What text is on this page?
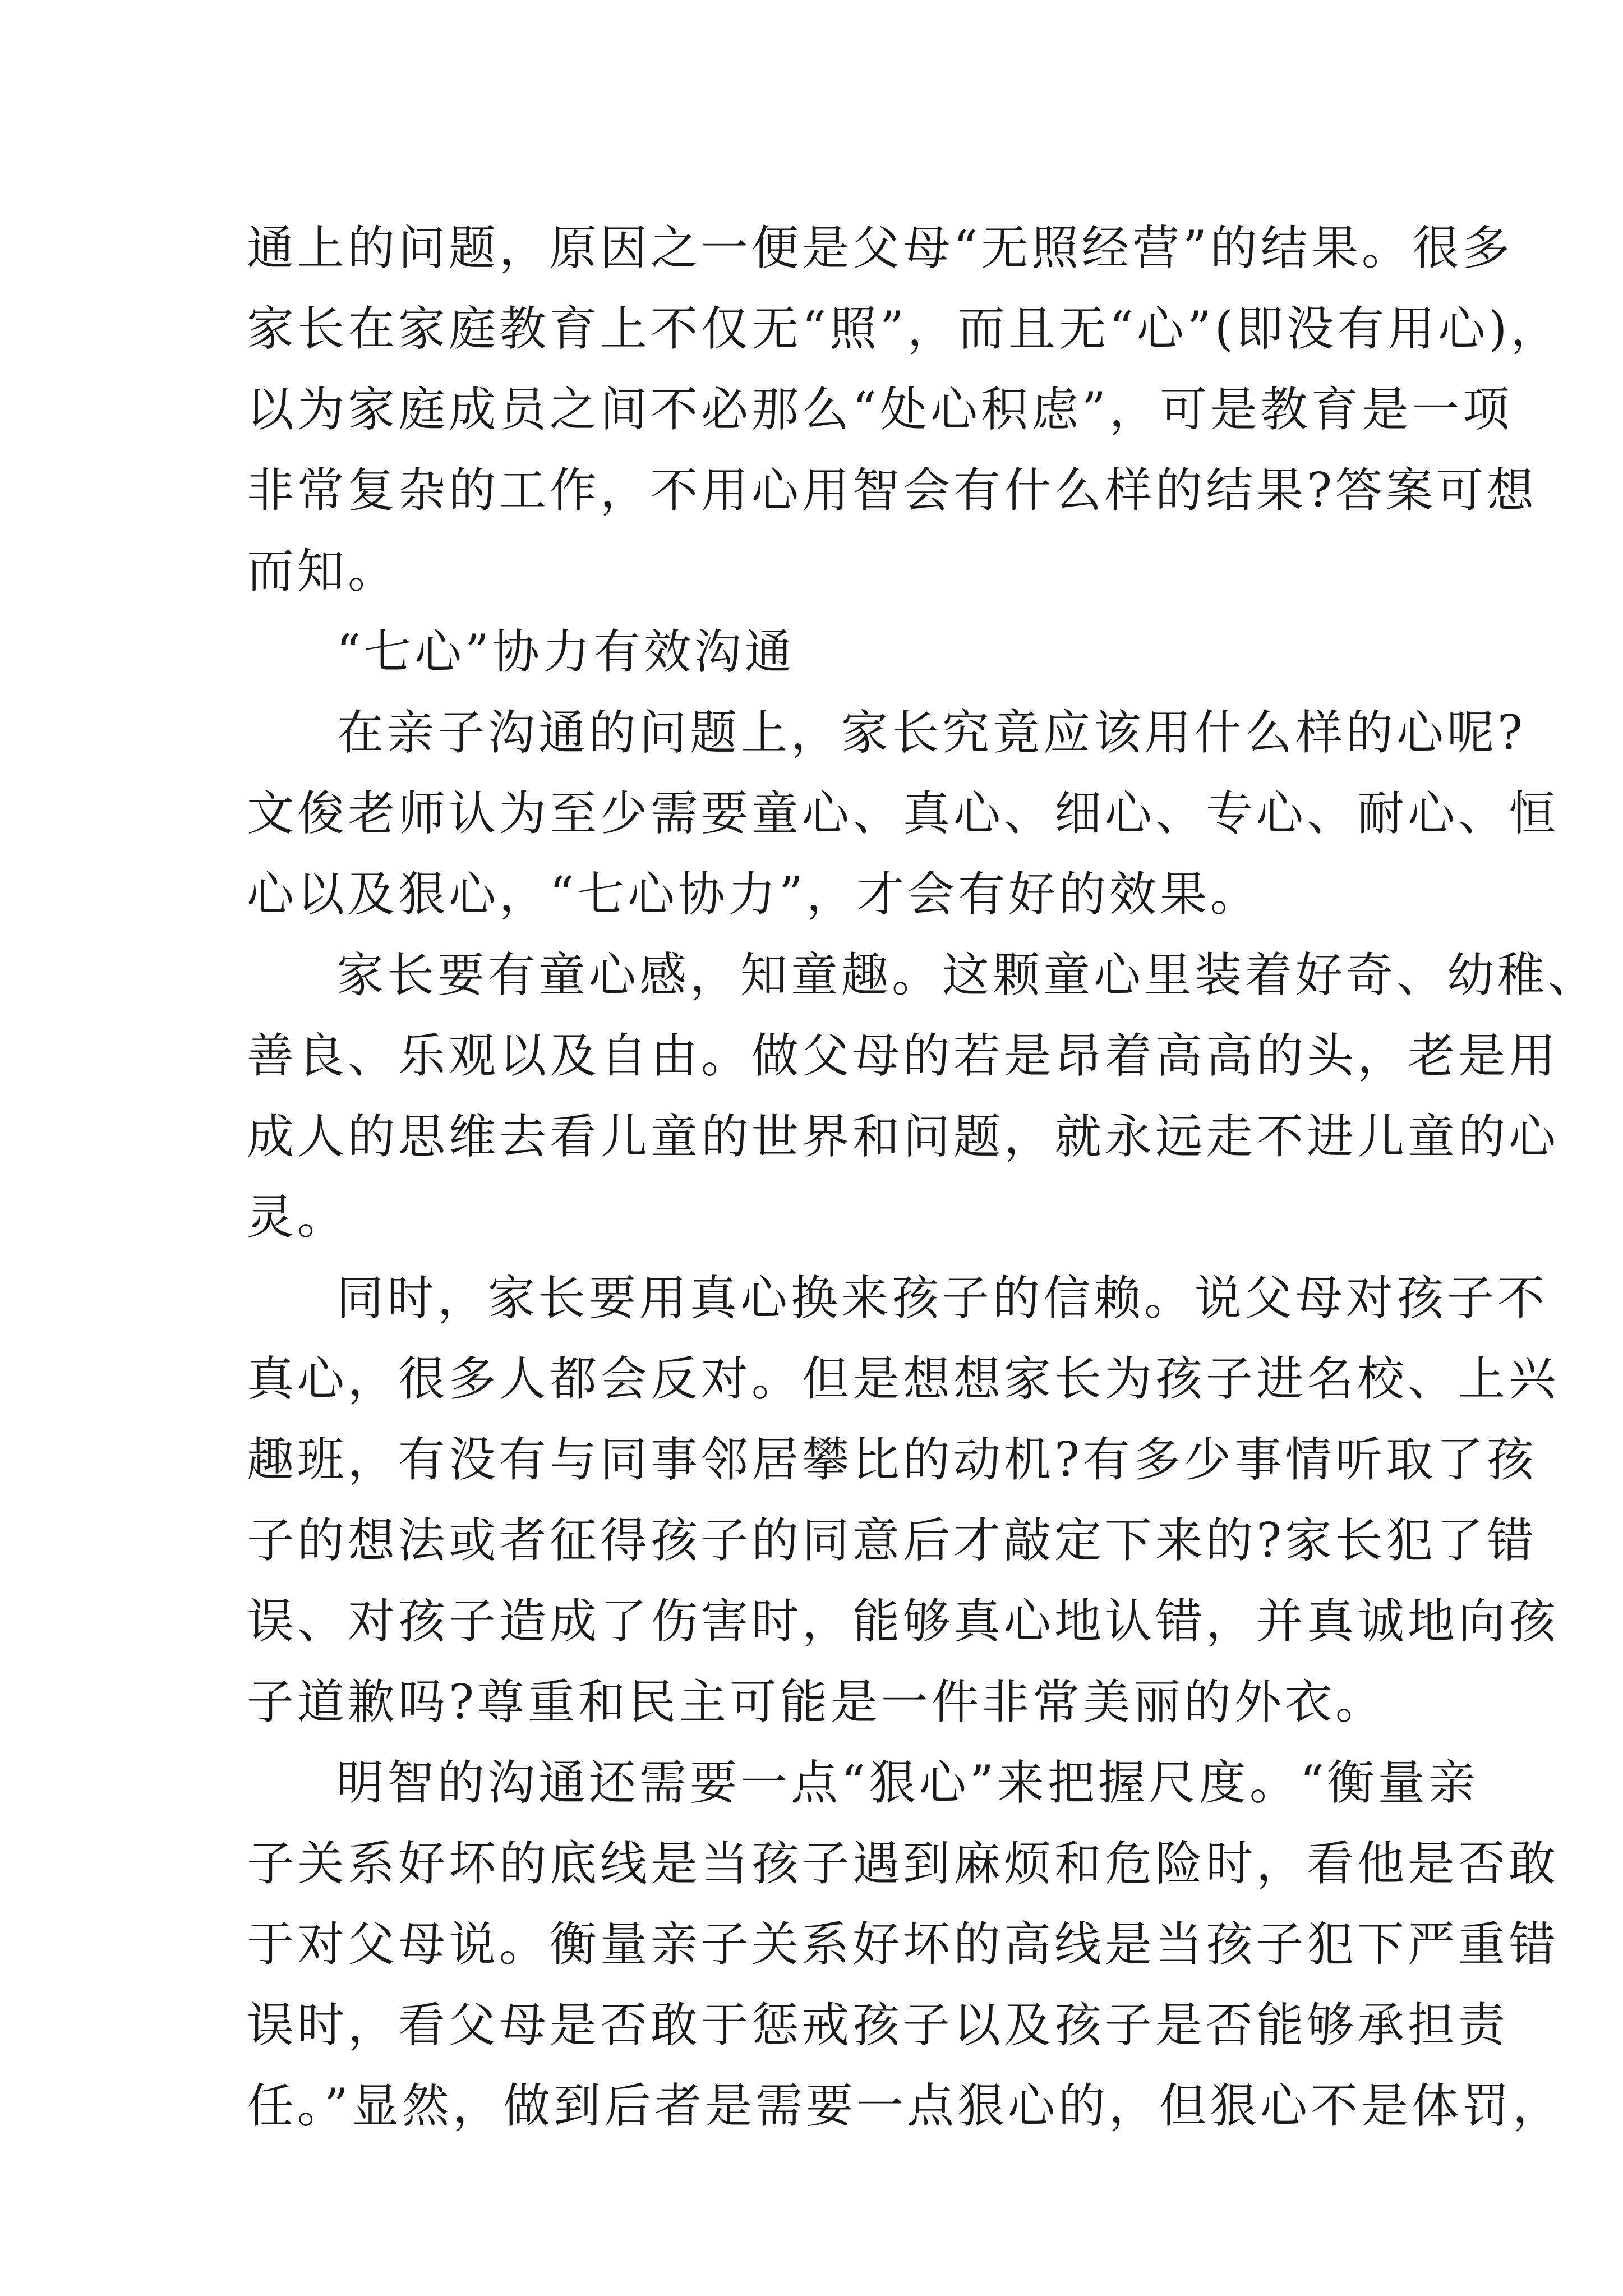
通上的问题，原因之一便是父母“无照经营”的结果。很多
家长在家庭教育上不仅无“照”，而且无“心”(即没有用心)，
以为家庭成员之间不必那么“处心积虑”，可是教育是一项
非常复杂的工作，不用心用智会有什么样的结果?答案可想
而知。
“七心”协力有效沟通
在亲子沟通的问题上，家长究竟应该用什么样的心呢?
文俊老师认为至少需要童心、真心、细心、专心、耐心、恒
心以及狠心，“七心协力”，才会有好的效果。
家长要有童心感，知童趣。这颗童心里装着好奇、幼稚、
善良、乐观以及自由。做父母的若是昂着高高的头，老是用
成人的思维去看儿童的世界和问题，就永远走不进儿童的心
灵。
同时，家长要用真心换来孩子的信赖。说父母对孩子不
真心，很多人都会反对。但是想想家长为孩子进名校、上兴
趣班，有没有与同事邻居攀比的动机?有多少事情听取了孩
子的想法或者征得孩子的同意后才敲定下来的?家长犯了错
误、对孩子造成了伤害时，能够真心地认错，并真诚地向孩
子道歉吗?尊重和民主可能是一件非常美丽的外衣。
明智的沟通还需要一点“狠心”来把握尺度。“衡量亲
子关系好坏的底线是当孩子遇到麻烦和危险时，看他是否敢
于对父母说。衡量亲子关系好坏的高线是当孩子犯下严重错
误时，看父母是否敢于惩戒孩子以及孩子是否能够承担责
任。”显然，做到后者是需要一点狠心的，但狠心不是体罚，
